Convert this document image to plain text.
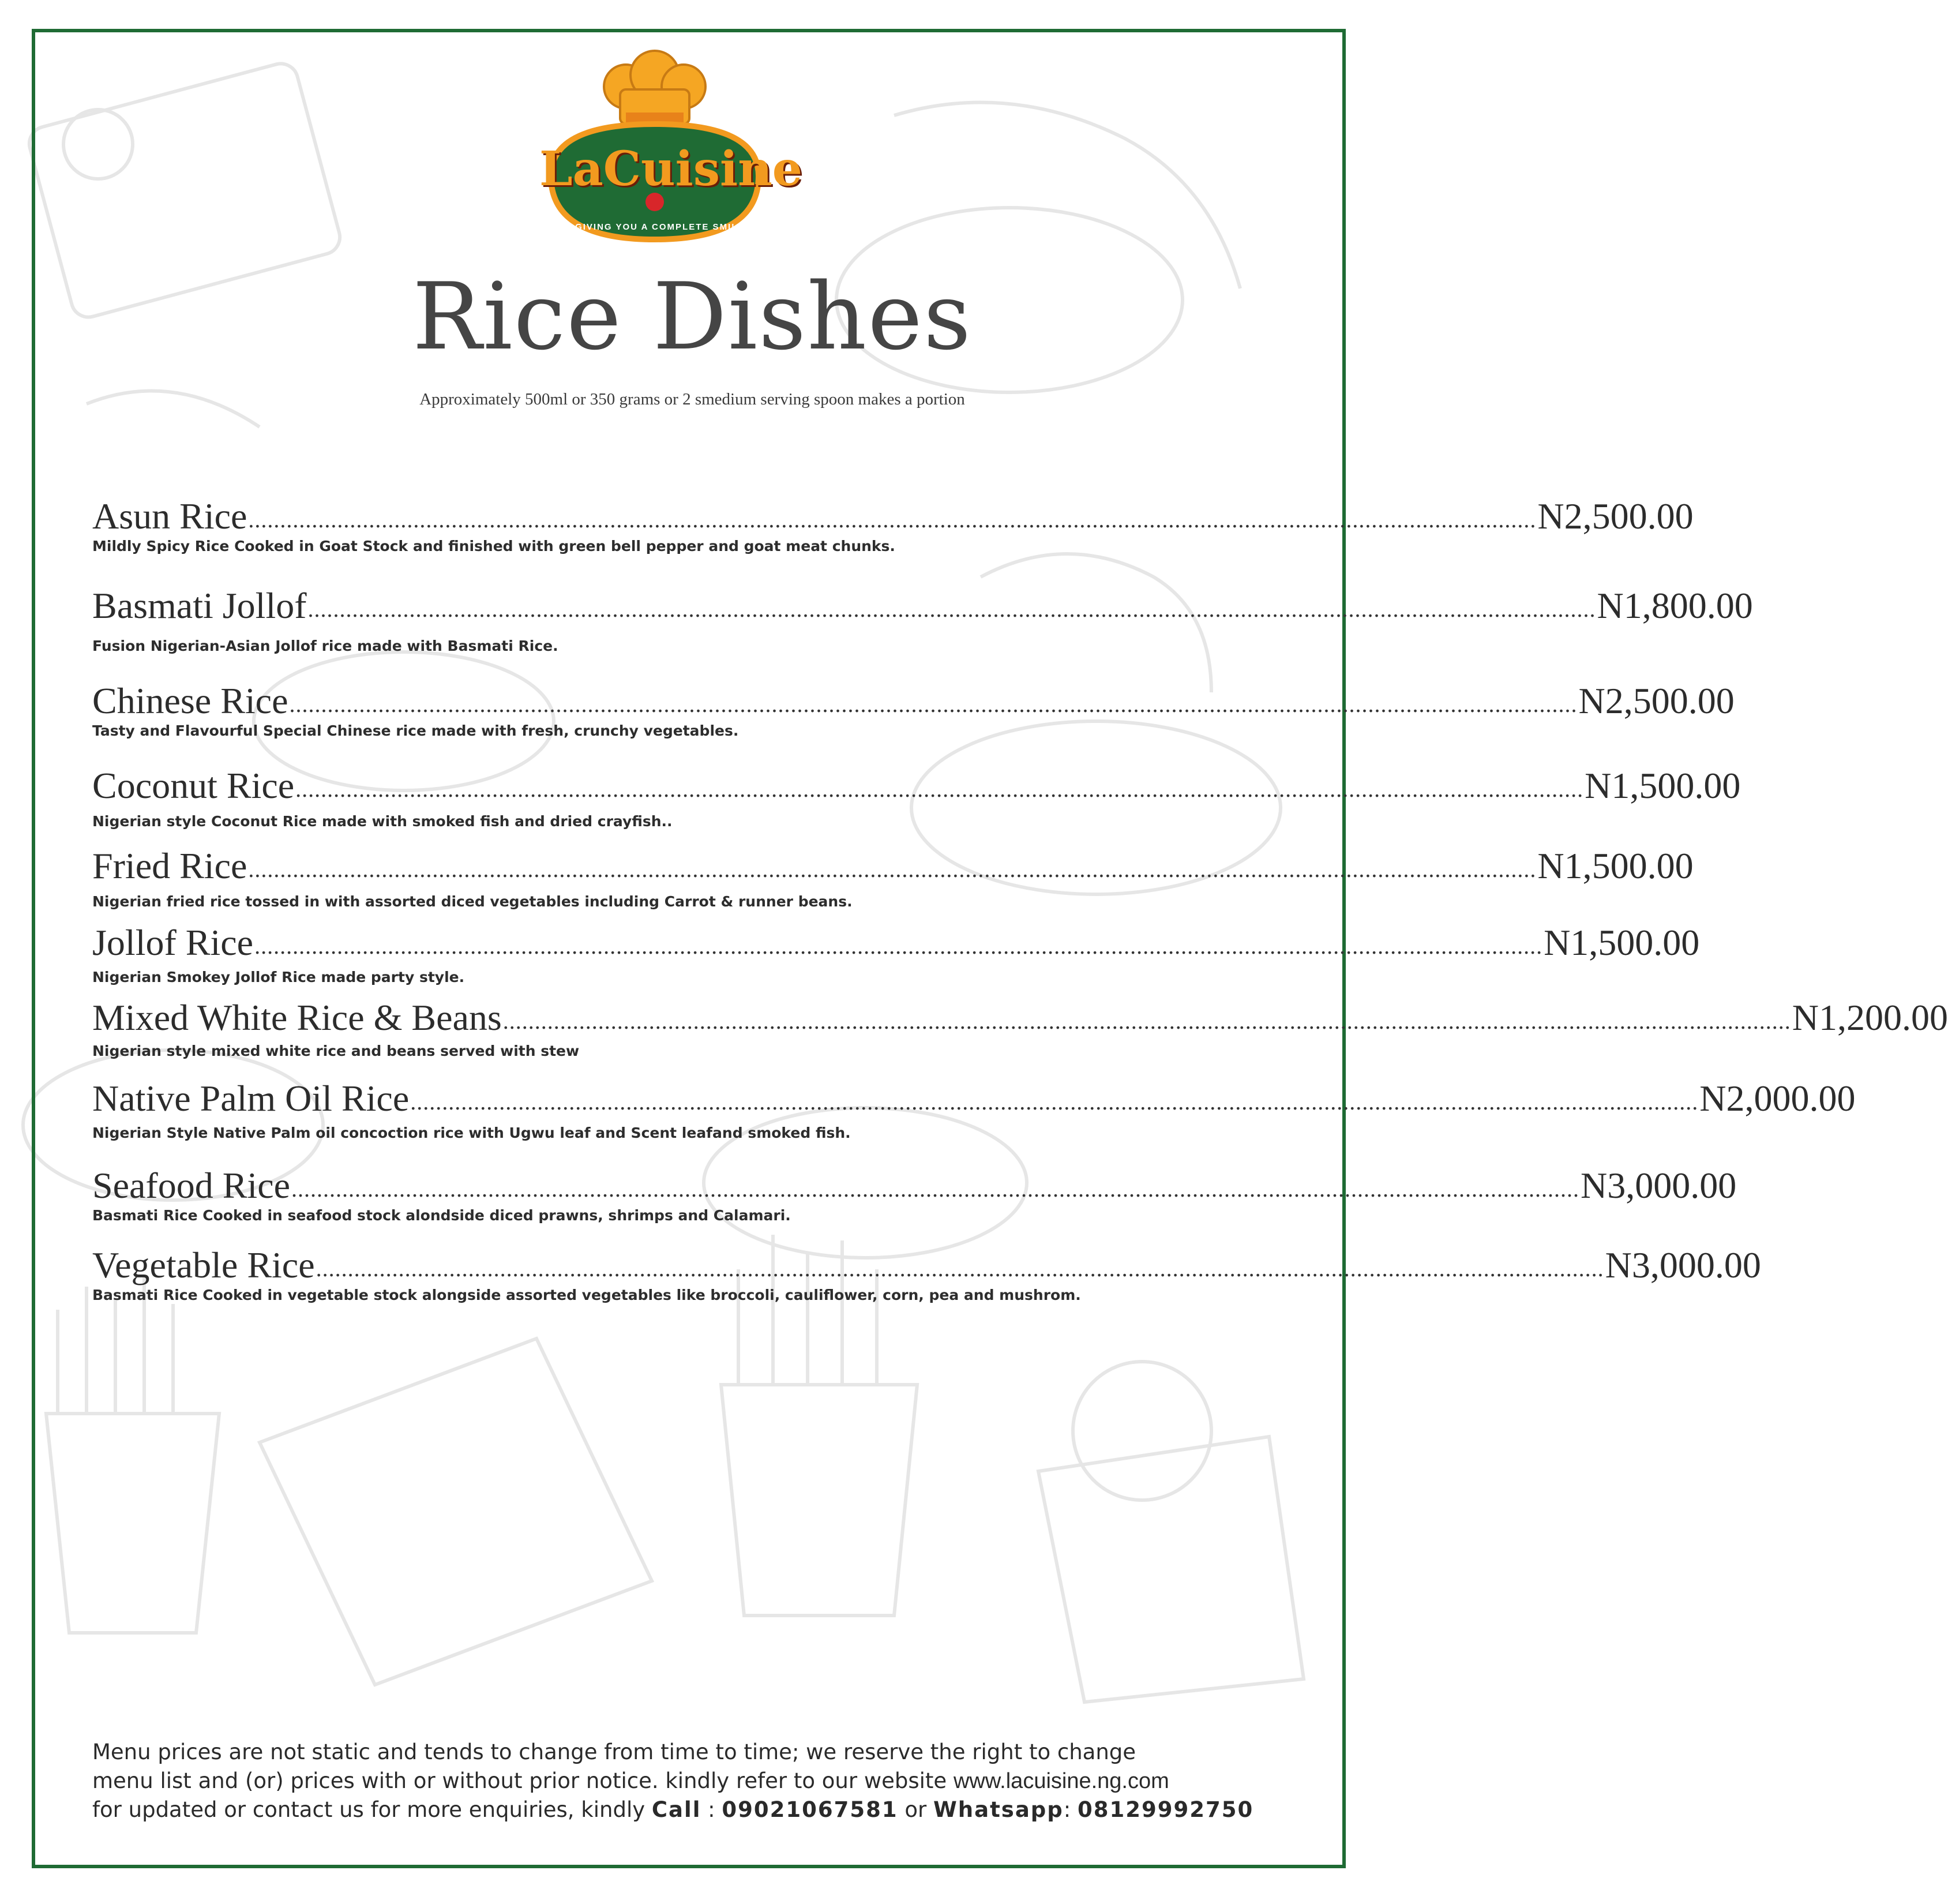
LaCuisine
...GIVING YOU A COMPLETE SMILE
Rice Dishes
Approximately 500ml or 350 grams or 2 smedium serving spoon makes a portion
Asun Rice ........................................................................................................................................................................................................... N2,500.00
Mildly Spicy Rice Cooked in Goat Stock and finished with green bell pepper and goat meat chunks.
Basmati Jollof ........................................................................................................................................................................................................... N1,800.00
Fusion Nigerian-Asian Jollof rice made with Basmati Rice.
Chinese Rice ........................................................................................................................................................................................................... N2,500.00
Tasty and Flavourful Special Chinese rice made with fresh, crunchy vegetables.
Coconut Rice ........................................................................................................................................................................................................... N1,500.00
Nigerian style Coconut Rice made with smoked fish and dried crayfish..
Fried Rice ........................................................................................................................................................................................................... N1,500.00
Nigerian fried rice tossed in with assorted diced vegetables including Carrot & runner beans.
Jollof Rice ........................................................................................................................................................................................................... N1,500.00
Nigerian Smokey Jollof Rice made party style.
Mixed White Rice & Beans ........................................................................................................................................................................................................... N1,200.00
Nigerian style mixed white rice and beans served with stew
Native Palm Oil Rice ........................................................................................................................................................................................................... N2,000.00
Nigerian Style Native Palm oil concoction rice with Ugwu leaf and Scent leafand smoked fish.
Seafood Rice ........................................................................................................................................................................................................... N3,000.00
Basmati Rice Cooked in seafood stock alondside diced prawns, shrimps and Calamari.
Vegetable Rice ........................................................................................................................................................................................................... N3,000.00
Basmati Rice Cooked in vegetable stock alongside assorted vegetables like broccoli, cauliflower, corn, pea and mushrom.
Menu prices are not static and tends to change from time to time; we reserve the right to change
menu list and (or) prices with or without prior notice. kindly refer to our website www.lacuisine.ng.com
for updated or contact us for more enquiries, kindly Call : 09021067581 or Whatsapp: 08129992750
